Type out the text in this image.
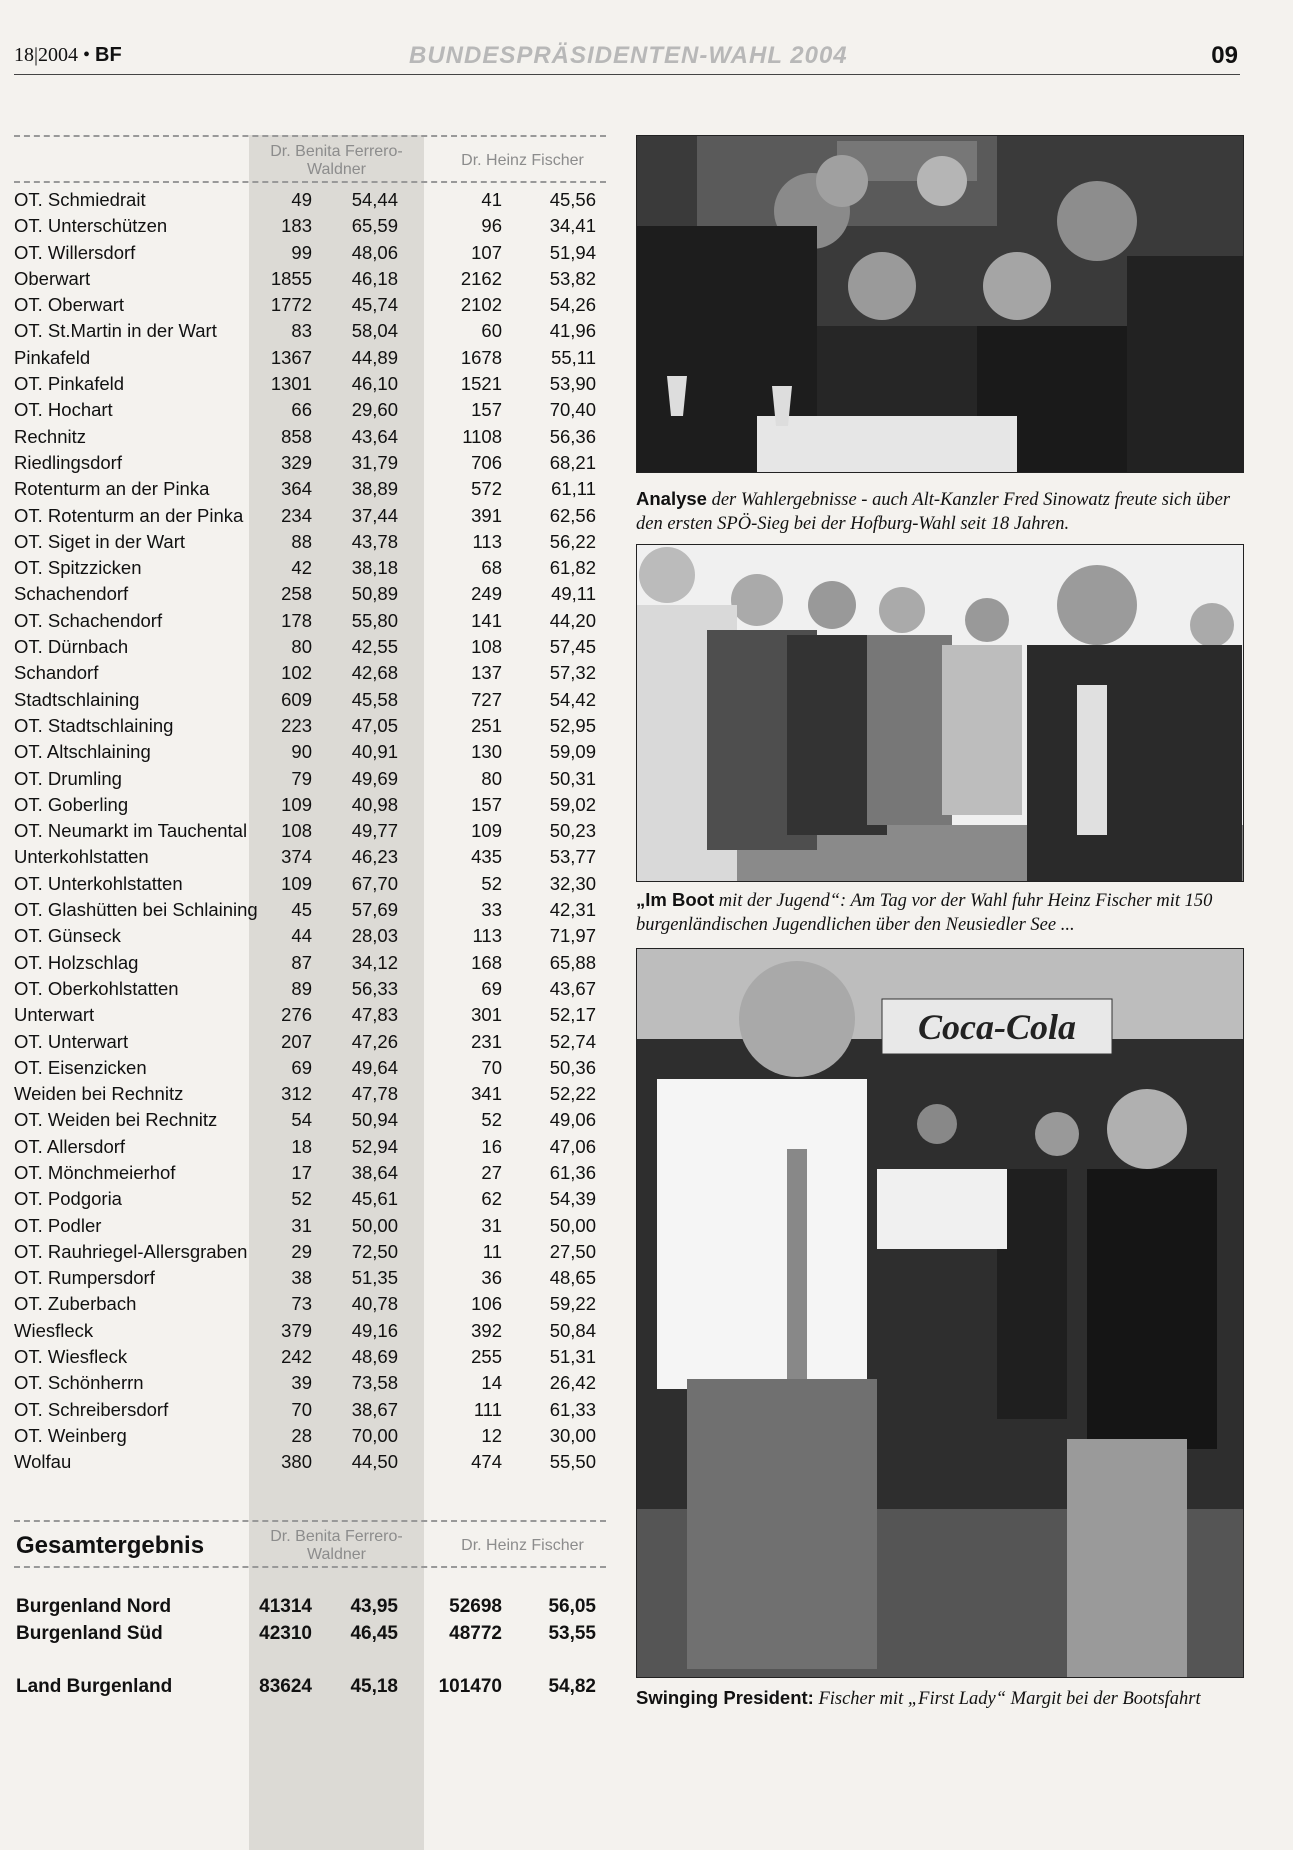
18|2004 • BF	BUNDESPRÄSIDENTEN-WAHL 2004	09
Dr. Benita Ferrero-Waldner
Dr. Heinz Fischer
OT. Schmiedrait	49 54,44	41	45,56
OT. Unterschützen	183 65,59	96	34,41
OT. Willersdorf	99 48,06	107	51,94
Oberwart	1855 46,18	2162	53,82
OT. Oberwart	1772 45,74	2102	54,26
OT. St.Martin in der Wart	83 58,04	60	41,96
Pinkafeld	1367 44,89	1678	55,11
OT. Pinkafeld	1301 46,10	1521	53,90
OT. Hochart	66 29,60	157	70,40
Rechnitz	858 43,64	1108	56,36
Riedlingsdorf	329 31,79	706	68,21
Rotenturm an der Pinka	364 38,89	572	61,11
OT. Rotenturm an der Pinka 234 37,44	391	62,56
OT. Siget in der Wart	88 43,78	113	56,22
OT. Spitzzicken	42 38,18	68	61,82
Schachendorf	258 50,89	249	49,11
OT. Schachendorf	178 55,80	141	44,20
OT. Dürnbach	80 42,55	108	57,45
Schandorf	102 42,68	137	57,32
Stadtschlaining	609 45,58	727	54,42
OT. Stadtschlaining	223 47,05	251	52,95
OT. Altschlaining	90 40,91	130	59,09
OT. Drumling	79 49,69	80	50,31
OT. Goberling	109 40,98	157	59,02
OT. Neumarkt im Tauchental 108 49,77	109	50,23
Unterkohlstatten	374 46,23	435	53,77
OT. Unterkohlstatten	109 67,70	52	32,30
OT. Glashütten bei Schlaining 45 57,69	33	42,31
OT. Günseck	44 28,03	113	71,97
OT. Holzschlag	87 34,12	168	65,88
OT. Oberkohlstatten	89 56,33	69	43,67
Unterwart	276 47,83	301	52,17
OT. Unterwart	207 47,26	231	52,74
OT. Eisenzicken	69 49,64	70	50,36
Weiden bei Rechnitz	312 47,78	341	52,22
OT. Weiden bei Rechnitz	54 50,94	52	49,06
OT. Allersdorf	18 52,94	16	47,06
OT. Mönchmeierhof	17 38,64	27	61,36
OT. Podgoria	52 45,61	62	54,39
OT. Podler	31 50,00	31	50,00
OT. Rauhriegel-Allersgraben 29 72,50	11	27,50
OT. Rumpersdorf	38 51,35	36	48,65
OT. Zuberbach	73 40,78	106	59,22
Wiesfleck	379 49,16	392	50,84
OT. Wiesfleck	242 48,69	255	51,31
OT. Schönherrn	39 73,58	14	26,42
OT. Schreibersdorf	70 38,67	111	61,33
OT. Weinberg	28 70,00	12	30,00
Wolfau	380 44,50	474	55,50
Gesamtergebnis	Dr. Benita Ferrero-Waldner
Dr. Heinz Fischer
Burgenland Nord	41314 43,95	52698 56,05
Burgenland Süd	42310 46,45	48772 53,55
Land Burgenland	83624 45,18 101470 54,82
Analyse der Wahlergebnisse - auch Alt-Kanzler Fred Sinowatz freute sich über den ersten SPÖ-Sieg bei der Hofburg-Wahl seit 18 Jahren.
„Im Boot mit der Jugend“: Am Tag vor der Wahl fuhr Heinz Fischer mit 150 burgenländischen Jugendlichen über den Neusiedler See ...
Coca-Cola
Swinging President: Fischer mit „First Lady“ Margit bei der Bootsfahrt
